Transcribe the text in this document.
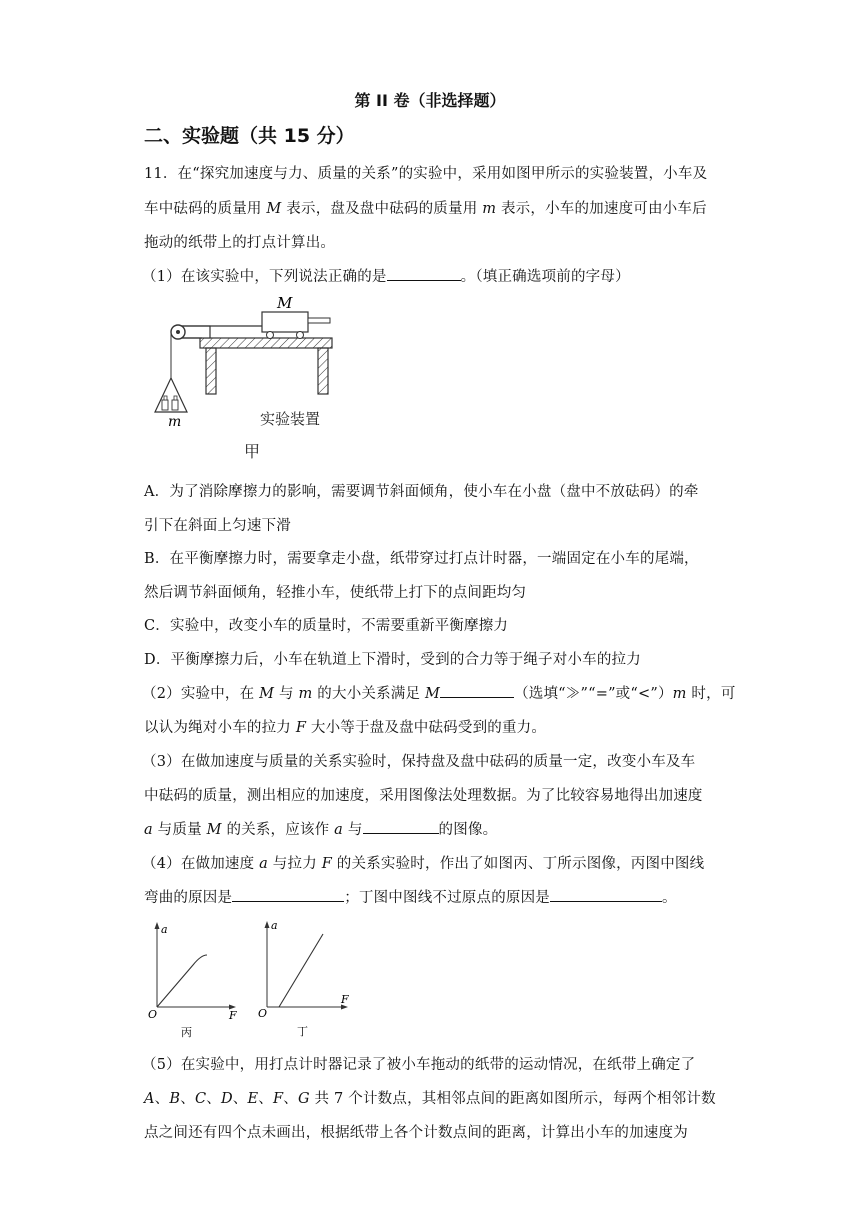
第 II 卷（非选择题）
二、实验题（共 15 分）
11．在“探究加速度与力、质量的关系”的实验中，采用如图甲所示的实验装置，小车及
车中砝码的质量用 M 表示，盘及盘中砝码的质量用 m 表示，小车的加速度可由小车后
拖动的纸带上的打点计算出。
（1）在该实验中，下列说法正确的是	。（填正确选项前的字母）
M
m	实验装置
甲
A．为了消除摩擦力的影响，需要调节斜面倾角，使小车在小盘（盘中不放砝码）的牵
引下在斜面上匀速下滑
B．在平衡摩擦力时，需要拿走小盘，纸带穿过打点计时器，一端固定在小车的尾端，
然后调节斜面倾角，轻推小车，使纸带上打下的点间距均匀
C．实验中，改变小车的质量时，不需要重新平衡摩擦力
D．平衡摩擦力后，小车在轨道上下滑时，受到的合力等于绳子对小车的拉力
（2）实验中，在 M 与 m 的大小关系满足 M	（选填“≫”“=”或“<”）m 时，可
以认为绳对小车的拉力 F 大小等于盘及盘中砝码受到的重力。
（3）在做加速度与质量的关系实验时，保持盘及盘中砝码的质量一定，改变小车及车
中砝码的质量，测出相应的加速度，采用图像法处理数据。为了比较容易地得出加速度
a 与质量 M 的关系，应该作 a 与	的图像。
（4）在做加速度 a 与拉力 F 的关系实验时，作出了如图丙、丁所示图像，丙图中图线
弯曲的原因是	；丁图中图线不过原点的原因是	。
a
F
O
丙
a
F
O
丁
（5）在实验中，用打点计时器记录了被小车拖动的纸带的运动情况，在纸带上确定了
A、B、C、D、E、F、G 共 7 个计数点，其相邻点间的距离如图所示，每两个相邻计数
点之间还有四个点未画出，根据纸带上各个计数点间的距离，计算出小车的加速度为
